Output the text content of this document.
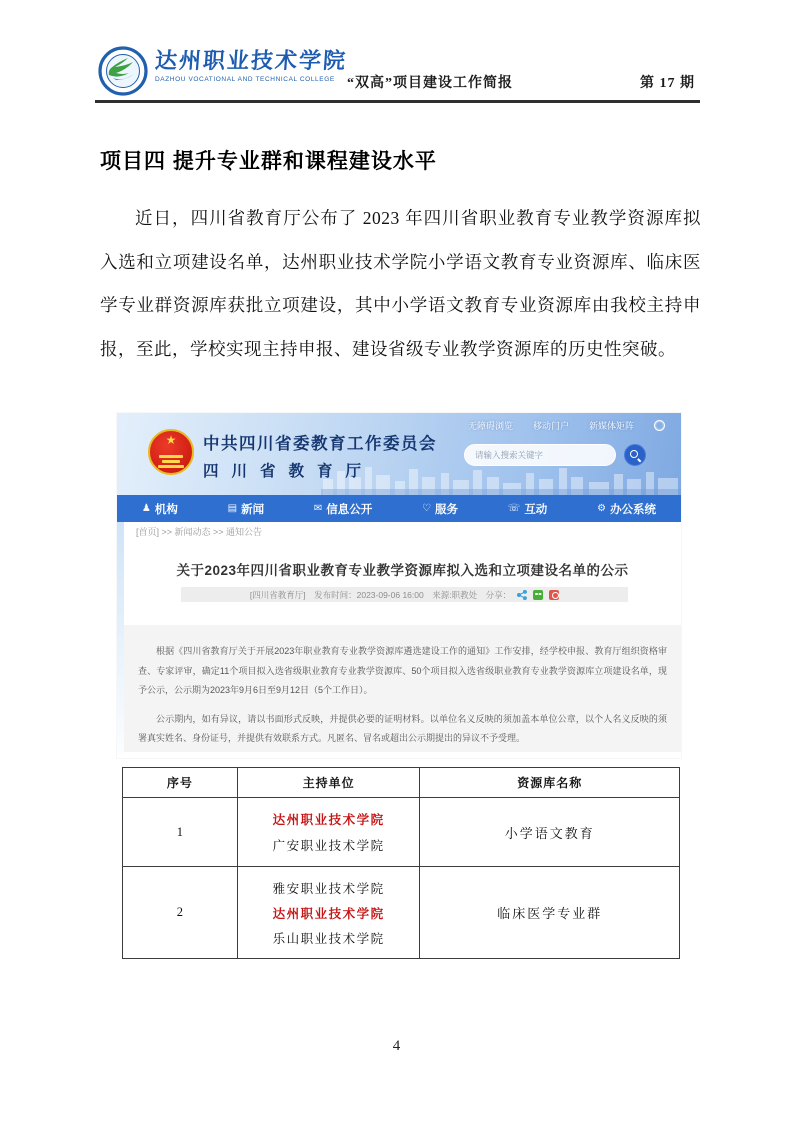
达州职业技术学院
DAZHOU VOCATIONAL AND TECHNICAL COLLEGE “双高”项目建设工作简报	第 17 期
项目四 提升专业群和课程建设水平
近日，四川省教育厅公布了 2023 年四川省职业教育专业教学资源库拟入选和立项建设名单，达州职业技术学院小学语文教育专业资源库、临床医学专业群资源库获批立项建设，其中小学语文教育专业资源库由我校主持申报，至此，学校实现主持申报、建设省级专业教学资源库的历史性突破。
无障碍浏览 移动门户 新媒体矩阵
★ 中共四川省委教育工作委员会
四川省教育厅
请输入搜索关键字
♟ 机构	▤ 新闻	✉ 信息公开	♡ 服务	☏ 互动	⚙ 办公系统
[首页] >> 新闻动态 >> 通知公告
关于2023年四川省职业教育专业教学资源库拟入选和立项建设名单的公示
[四川省教育厅]　发布时间：2023-09-06 16:00　来源:职教处　分享：

根据《四川省教育厅关于开展2023年职业教育专业教学资源库遴选建设工作的通知》工作安排，经学校申报、教育厅组织资格审查、专家评审，确定11个项目拟入选省级职业教育专业教学资源库、50个项目拟入选省级职业教育专业教学资源库立项建设名单，现予公示，公示期为2023年9月6日至9月12日（5个工作日）。

公示期内，如有异议，请以书面形式反映，并提供必要的证明材料。以单位名义反映的须加盖本单位公章，以个人名义反映的须署真实姓名、身份证号，并提供有效联系方式。凡匿名、冒名或超出公示期提出的异议不予受理。

序号	主持单位	资源库名称
1	达州职业技术学院
广安职业技术学院	小学语文教育
2	雅安职业技术学院
达州职业技术学院
乐山职业技术学院	临床医学专业群
4
